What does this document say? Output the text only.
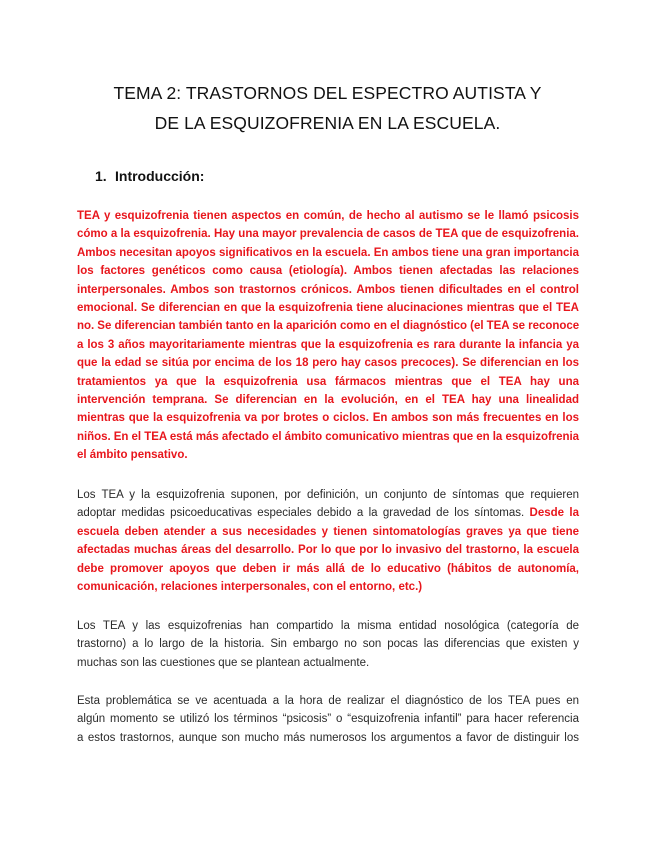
TEMA 2: TRASTORNOS DEL ESPECTRO AUTISTA Y
DE LA ESQUIZOFRENIA EN LA ESCUELA.
1. Introducción:
TEA y esquizofrenia tienen aspectos en común, de hecho al autismo se le llamó psicosis
cómo a la esquizofrenia. Hay una mayor prevalencia de casos de TEA que de esquizofrenia.
Ambos necesitan apoyos significativos en la escuela. En ambos tiene una gran importancia
los factores genéticos como causa (etiología). Ambos tienen afectadas las relaciones
interpersonales. Ambos son trastornos crónicos. Ambos tienen dificultades en el control
emocional. Se diferencian en que la esquizofrenia tiene alucinaciones mientras que el TEA
no. Se diferencian también tanto en la aparición como en el diagnóstico (el TEA se reconoce
a los 3 años mayoritariamente mientras que la esquizofrenia es rara durante la infancia ya
que la edad se sitúa por encima de los 18 pero hay casos precoces). Se diferencian en los
tratamientos ya que la esquizofrenia usa fármacos mientras que el TEA hay una
intervención temprana. Se diferencian en la evolución, en el TEA hay una linealidad
mientras que la esquizofrenia va por brotes o ciclos. En ambos son más frecuentes en los
niños. En el TEA está más afectado el ámbito comunicativo mientras que en la esquizofrenia
el ámbito pensativo.
Los TEA y la esquizofrenia suponen, por definición, un conjunto de síntomas que requieren
adoptar medidas psicoeducativas especiales debido a la gravedad de los síntomas. Desde la
escuela deben atender a sus necesidades y tienen sintomatologías graves ya que tiene
afectadas muchas áreas del desarrollo. Por lo que por lo invasivo del trastorno, la escuela
debe promover apoyos que deben ir más allá de lo educativo (hábitos de autonomía,
comunicación, relaciones interpersonales, con el entorno, etc.)
Los TEA y las esquizofrenias han compartido la misma entidad nosológica (categoría de
trastorno) a lo largo de la historia. Sin embargo no son pocas las diferencias que existen y
muchas son las cuestiones que se plantean actualmente.
Esta problemática se ve acentuada a la hora de realizar el diagnóstico de los TEA pues en
algún momento se utilizó los términos “psicosis” o “esquizofrenia infantil” para hacer referencia
a estos trastornos, aunque son mucho más numerosos los argumentos a favor de distinguir los
